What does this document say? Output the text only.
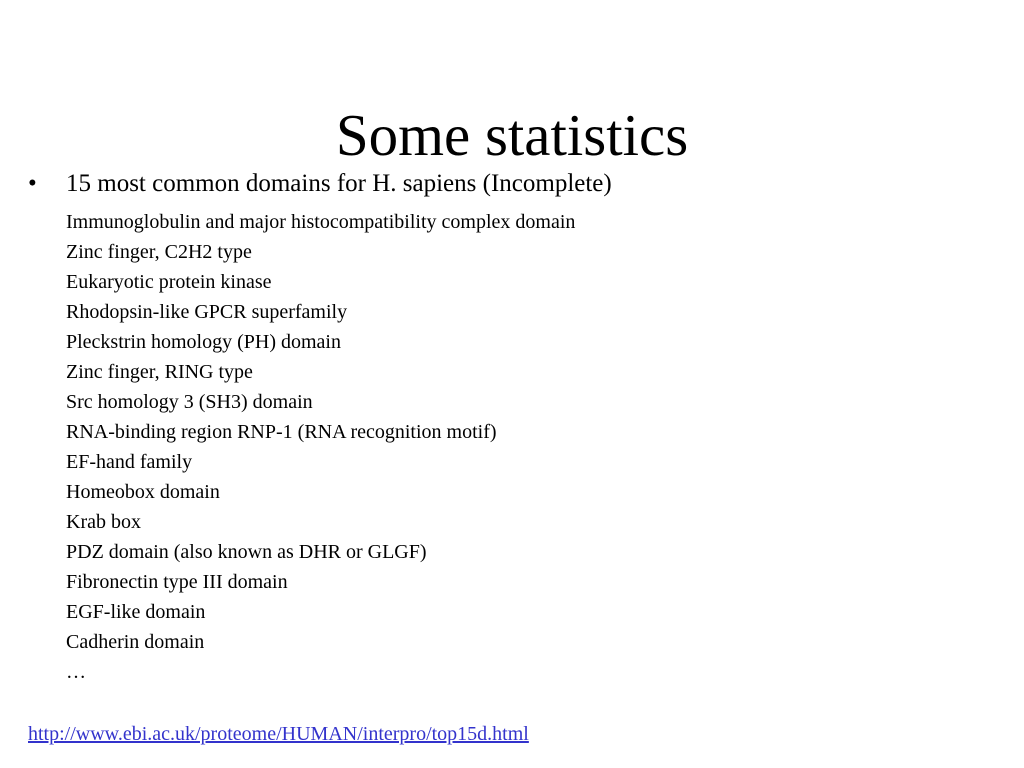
Some statistics
• 15 most common domains for H. sapiens (Incomplete)
Immunoglobulin and major histocompatibility complex domain
Zinc finger, C2H2 type
Eukaryotic protein kinase
Rhodopsin-like GPCR superfamily
Pleckstrin homology (PH) domain
Zinc finger, RING type
Src homology 3 (SH3) domain
RNA-binding region RNP-1 (RNA recognition motif)
EF-hand family
Homeobox domain
Krab box
PDZ domain (also known as DHR or GLGF)
Fibronectin type III domain
EGF-like domain
Cadherin domain
…
http://www.ebi.ac.uk/proteome/HUMAN/interpro/top15d.html
